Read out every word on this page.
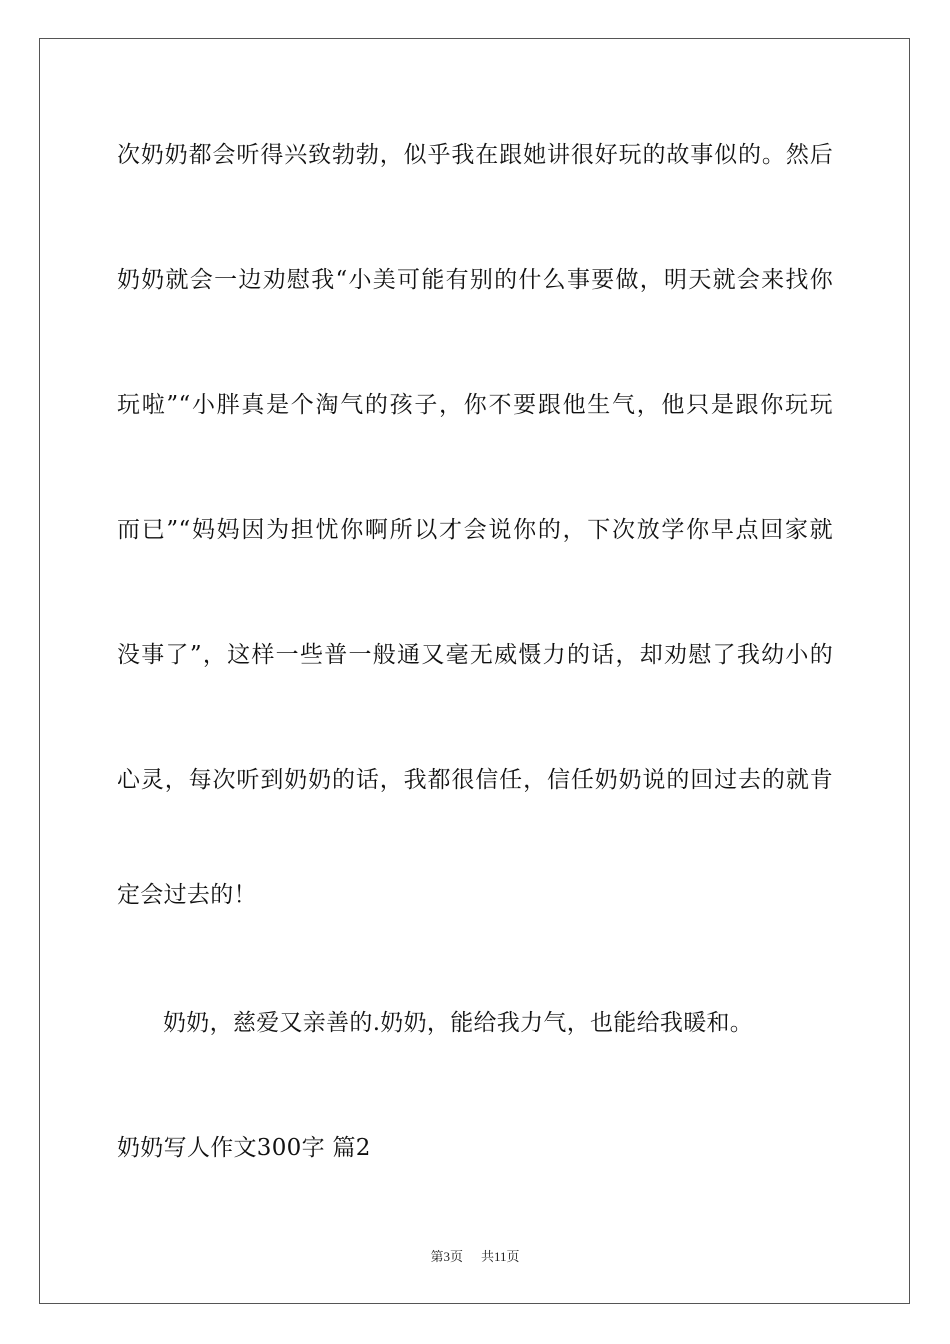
次奶奶都会听得兴致勃勃，似乎我在跟她讲很好玩的故事似的。然后
奶奶就会一边劝慰我“小美可能有别的什么事要做，明天就会来找你
玩啦”“小胖真是个淘气的孩子，你不要跟他生气，他只是跟你玩玩
而已”“妈妈因为担忧你啊所以才会说你的，下次放学你早点回家就
没事了”，这样一些普一般通又毫无威慑力的话，却劝慰了我幼小的
心灵，每次听到奶奶的话，我都很信任，信任奶奶说的回过去的就肯
定会过去的！
奶奶，慈爱又亲善的.奶奶，能给我力气，也能给我暖和。
奶奶写人作文300字 篇2
第3页 共11页
